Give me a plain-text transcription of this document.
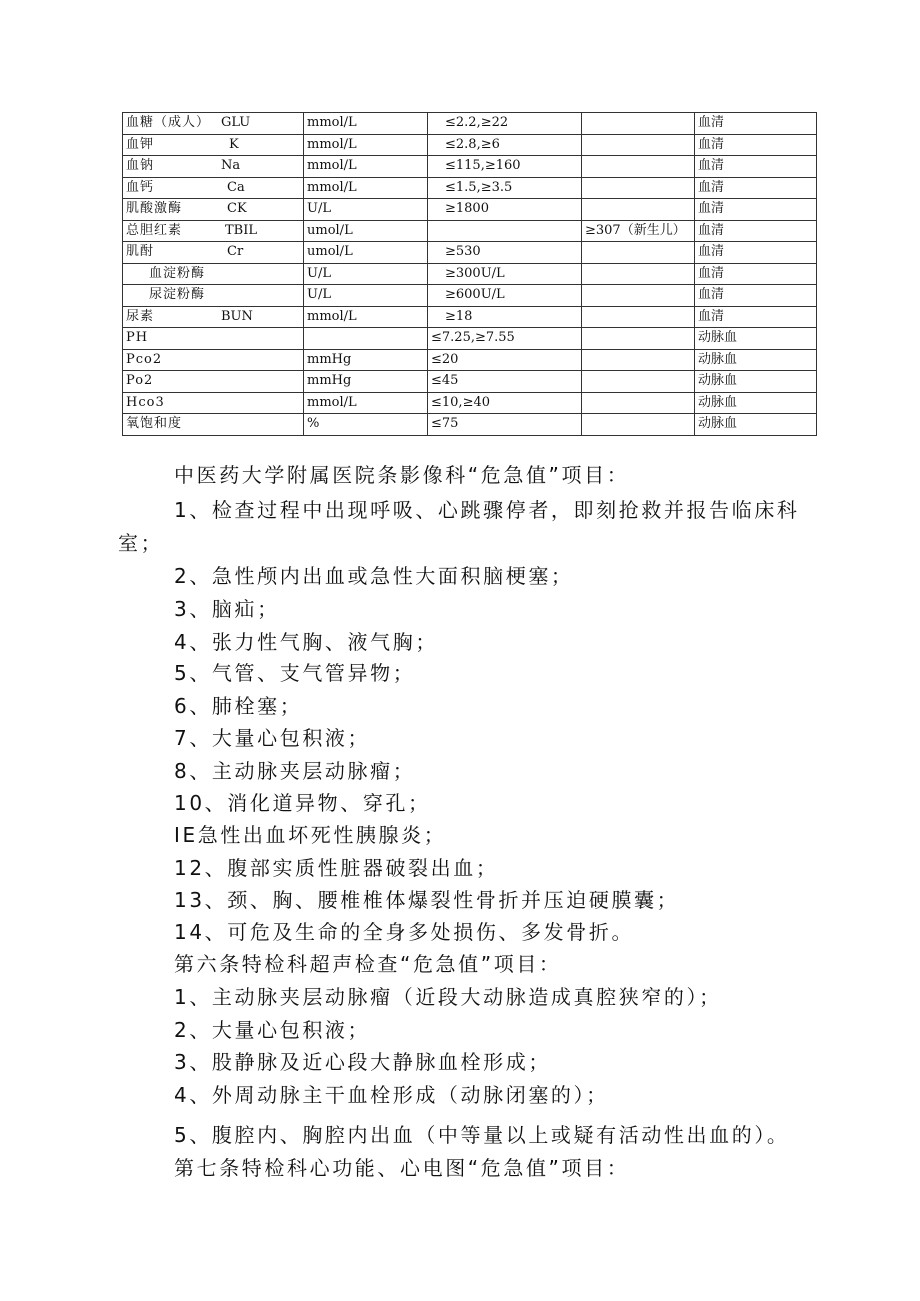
血糖（成人） GLU	mmol/L	≤2.2,≥22		血清
血钾 K	mmol/L	≤2.8,≥6		血清
血钠 Na	mmol/L	≤115,≥160		血清
血钙 Ca	mmol/L	≤1.5,≥3.5		血清
肌酸激酶 CK	U/L	≥1800		血清
总胆红素 TBIL	umol/L		≥307（新生儿）	血清
肌酎 Cr	umol/L	≥530		血清
血淀粉酶	U/L	≥300U/L		血清
尿淀粉酶	U/L	≥600U/L		血清
尿素 BUN	mmol/L	≥18		血清
PH		≤7.25,≥7.55		动脉血
Pco2	mmHg	≤20		动脉血
Po2	mmHg	≤45		动脉血
Hco3	mmol/L	≤10,≥40		动脉血
氧饱和度	%	≤75		动脉血
中医药大学附属医院条影像科“危急值”项目：
1、检查过程中出现呼吸、心跳骤停者，即刻抢救并报告临床科
室；
2、急性颅内出血或急性大面积脑梗塞；
3、脑疝；
4、张力性气胸、液气胸；
5、气管、支气管异物；
6、肺栓塞；
7、大量心包积液；
8、主动脉夹层动脉瘤；
10、消化道异物、穿孔；
IE急性出血坏死性胰腺炎；
12、腹部实质性脏器破裂出血；
13、颈、胸、腰椎椎体爆裂性骨折并压迫硬膜囊；
14、可危及生命的全身多处损伤、多发骨折。
第六条特检科超声检查“危急值”项目：
1、主动脉夹层动脉瘤（近段大动脉造成真腔狭窄的）；
2、大量心包积液；
3、股静脉及近心段大静脉血栓形成；
4、外周动脉主干血栓形成（动脉闭塞的）；
5、腹腔内、胸腔内出血（中等量以上或疑有活动性出血的）。
第七条特检科心功能、心电图“危急值”项目：
